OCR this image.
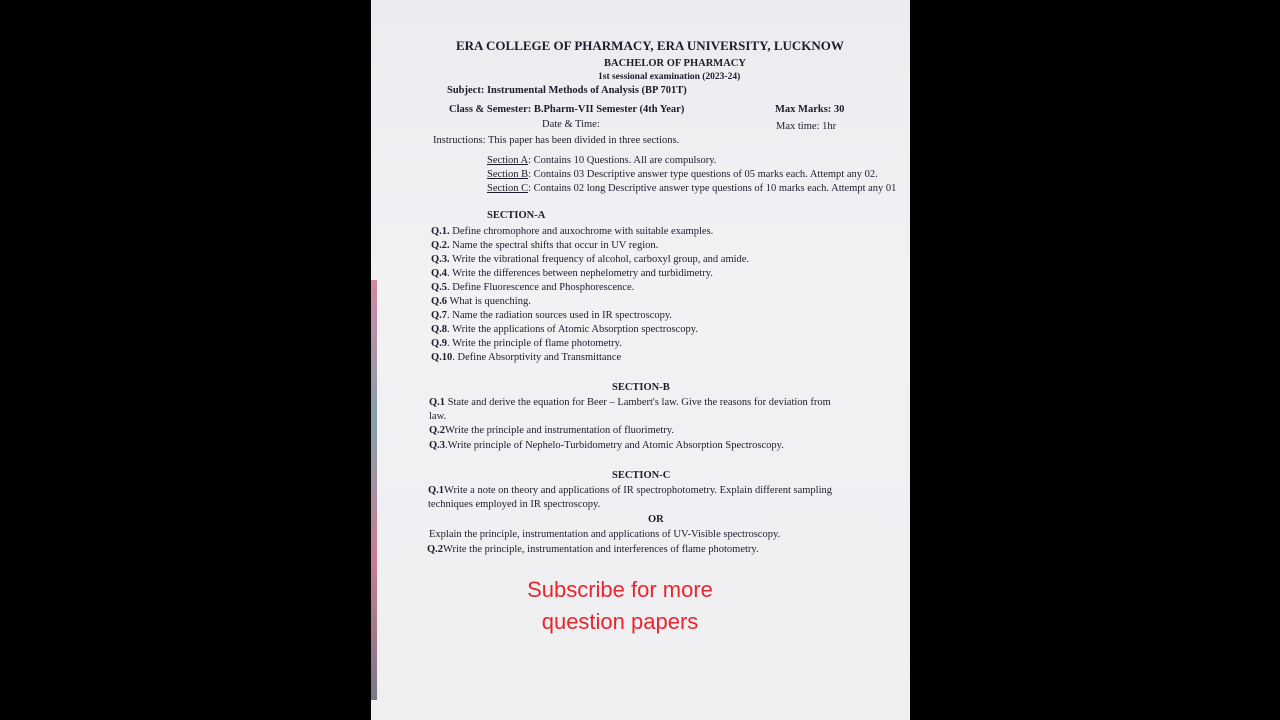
ERA COLLEGE OF PHARMACY, ERA UNIVERSITY, LUCKNOW
BACHELOR OF PHARMACY
1st sessional examination (2023-24)
Subject: Instrumental Methods of Analysis (BP 701T)
Class & Semester: B.Pharm-VII Semester (4th Year)	Max Marks: 30
Date & Time:	Max time: 1hr
Instructions: This paper has been divided in three sections.
Section A: Contains 10 Questions. All are compulsory.
Section B: Contains 03 Descriptive answer type questions of 05 marks each. Attempt any 02.
Section C: Contains 02 long Descriptive answer type questions of 10 marks each. Attempt any 01
SECTION-A
Q.1. Define chromophore and auxochrome with suitable examples.
Q.2. Name the spectral shifts that occur in UV region.
Q.3. Write the vibrational frequency of alcohol, carboxyl group, and amide.
Q.4. Write the differences between nephelometry and turbidimetry.
Q.5. Define Fluorescence and Phosphorescence.
Q.6 What is quenching.
Q.7. Name the radiation sources used in IR spectroscopy.
Q.8. Write the applications of Atomic Absorption spectroscopy.
Q.9. Write the principle of flame photometry.
Q.10. Define Absorptivity and Transmittance
SECTION-B
Q.1 State and derive the equation for Beer – Lambert's law. Give the reasons for deviation from
law.
Q.2Write the principle and instrumentation of fluorimetry.
Q.3.Write principle of Nephelo-Turbidometry and Atomic Absorption Spectroscopy.
SECTION-C
Q.1Write a note on theory and applications of IR spectrophotometry. Explain different sampling
techniques employed in IR spectroscopy.
OR
Explain the principle, instrumentation and applications of UV-Visible spectroscopy.
Q.2Write the principle, instrumentation and interferences of flame photometry.
Subscribe for more
question papers
